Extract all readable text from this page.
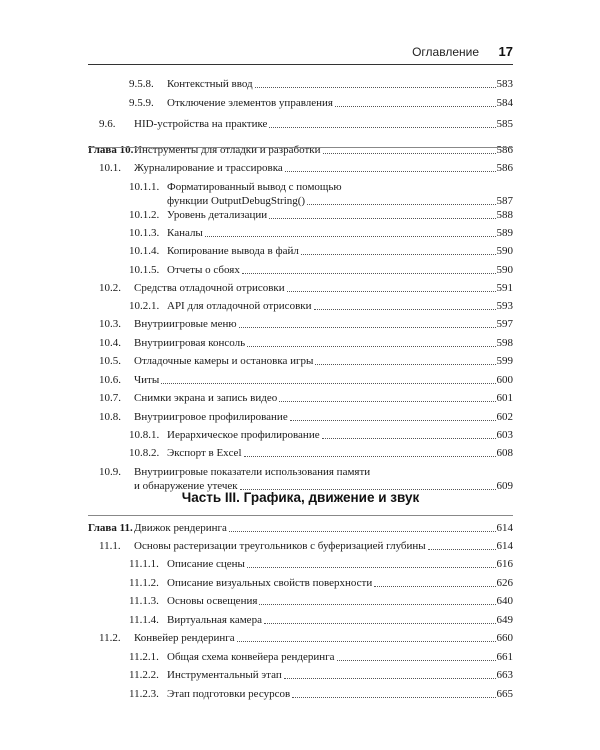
Оглавление 17
9.5.8. Контекстный ввод	583
9.5.9. Отключение элементов управления	584
9.6. HID-устройства на практике	585
Глава 10. Инструменты для отладки и разработки	586
10.1. Журналирование и трассировка	586
10.1.1. Форматированный вывод с помощью
функции OutputDebugString()	587
10.1.2. Уровень детализации	588
10.1.3. Каналы	589
10.1.4. Копирование вывода в файл	590
10.1.5. Отчеты о сбоях	590
10.2. Средства отладочной отрисовки	591
10.2.1. API для отладочной отрисовки	593
10.3. Внутриигровые меню	597
10.4. Внутриигровая консоль	598
10.5. Отладочные камеры и остановка игры	599
10.6. Читы	600
10.7. Снимки экрана и запись видео	601
10.8. Внутриигровое профилирование	602
10.8.1. Иерархическое профилирование	603
10.8.2. Экспорт в Excel	608
10.9. Внутриигровые показатели использования памяти
и обнаружение утечек	609
Глава 11. Движок рендеринга	614
11.1. Основы растеризации треугольников с буферизацией глубины	614
11.1.1. Описание сцены	616
11.1.2. Описание визуальных свойств поверхности	626
11.1.3. Основы освещения	640
11.1.4. Виртуальная камера	649
11.2. Конвейер рендеринга	660
11.2.1. Общая схема конвейера рендеринга	661
11.2.2. Инструментальный этап	663
11.2.3. Этап подготовки ресурсов	665
Часть III. Графика, движение и звук
